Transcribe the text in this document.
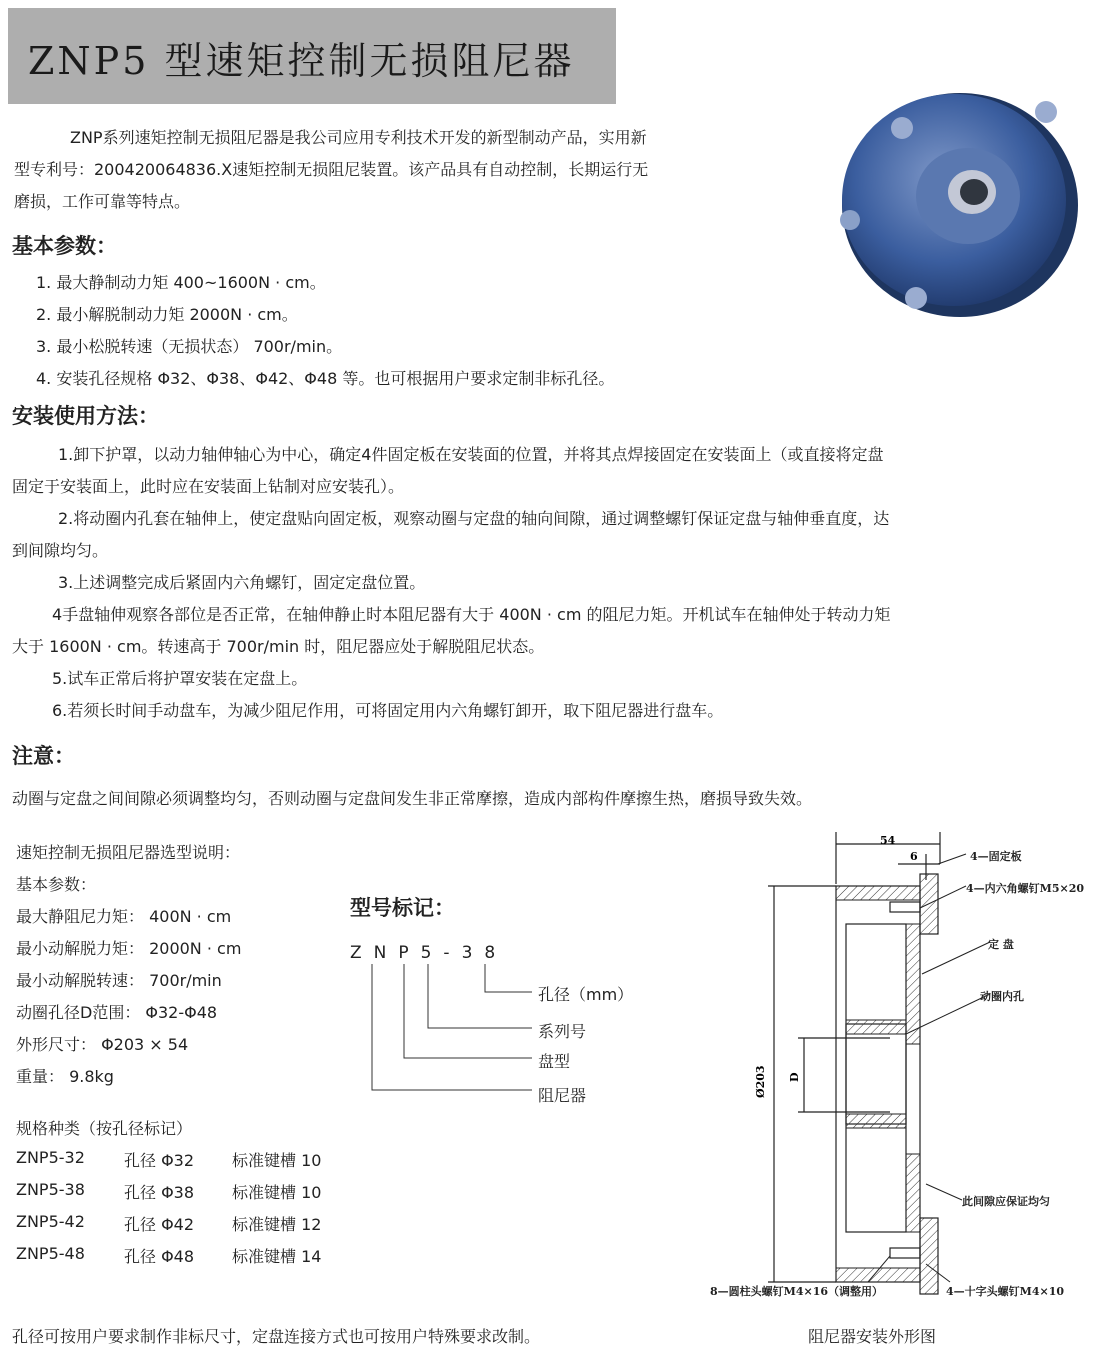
ZNP5 型速矩控制无损阻尼器
ZNP系列速矩控制无损阻尼器是我公司应用专利技术开发的新型制动产品，实用新
型专利号：200420064836.X速矩控制无损阻尼装置。该产品具有自动控制，长期运行无
磨损，工作可靠等特点。
基本参数：
1. 最大静制动力矩 400~1600N · cm。
2. 最小解脱制动力矩 2000N · cm。
3. 最小松脱转速（无损状态） 700r/min。
4. 安装孔径规格 Φ32、Φ38、Φ42、Φ48 等。也可根据用户要求定制非标孔径。
安装使用方法：
1.卸下护罩，以动力轴伸轴心为中心，确定4件固定板在安装面的位置，并将其点焊接固定在安装面上（或直接将定盘
固定于安装面上，此时应在安装面上钻制对应安装孔）。
2.将动圈内孔套在轴伸上，使定盘贴向固定板，观察动圈与定盘的轴向间隙，通过调整螺钉保证定盘与轴伸垂直度，达
到间隙均匀。
3.上述调整完成后紧固内六角螺钉，固定定盘位置。
4手盘轴伸观察各部位是否正常，在轴伸静止时本阻尼器有大于 400N · cm 的阻尼力矩。开机试车在轴伸处于转动力矩
大于 1600N · cm。转速高于 700r/min 时，阻尼器应处于解脱阻尼状态。
5.试车正常后将护罩安装在定盘上。
6.若须长时间手动盘车，为减少阻尼作用，可将固定用内六角螺钉卸开，取下阻尼器进行盘车。
注意：
动圈与定盘之间间隙必须调整均匀，否则动圈与定盘间发生非正常摩擦，造成内部构件摩擦生热，磨损导致失效。
速矩控制无损阻尼器选型说明：
基本参数：
最大静阻尼力矩： 400N · cm
最小动解脱力矩： 2000N · cm
最小动解脱转速： 700r/min
动圈孔径D范围： Φ32-Φ48
外形尺寸： Φ203 × 54
重量： 9.8kg
规格种类（按孔径标记）
ZNP5-32 孔径 Φ32 标准键槽 10
ZNP5-38 孔径 Φ38 标准键槽 10
ZNP5-42 孔径 Φ42 标准键槽 12
ZNP5-48 孔径 Φ48 标准键槽 14
型号标记：
ZNP5-38
孔径（mm）
系列号
盘型
阻尼器
54
6
Ø203 D
4—固定板
4—内六角螺钉M5×20
定 盘
动圈内孔
此间隙应保证均匀
8—圆柱头螺钉M4×16（调整用）	4—十字头螺钉M4×10
阻尼器安装外形图
孔径可按用户要求制作非标尺寸，定盘连接方式也可按用户特殊要求改制。
